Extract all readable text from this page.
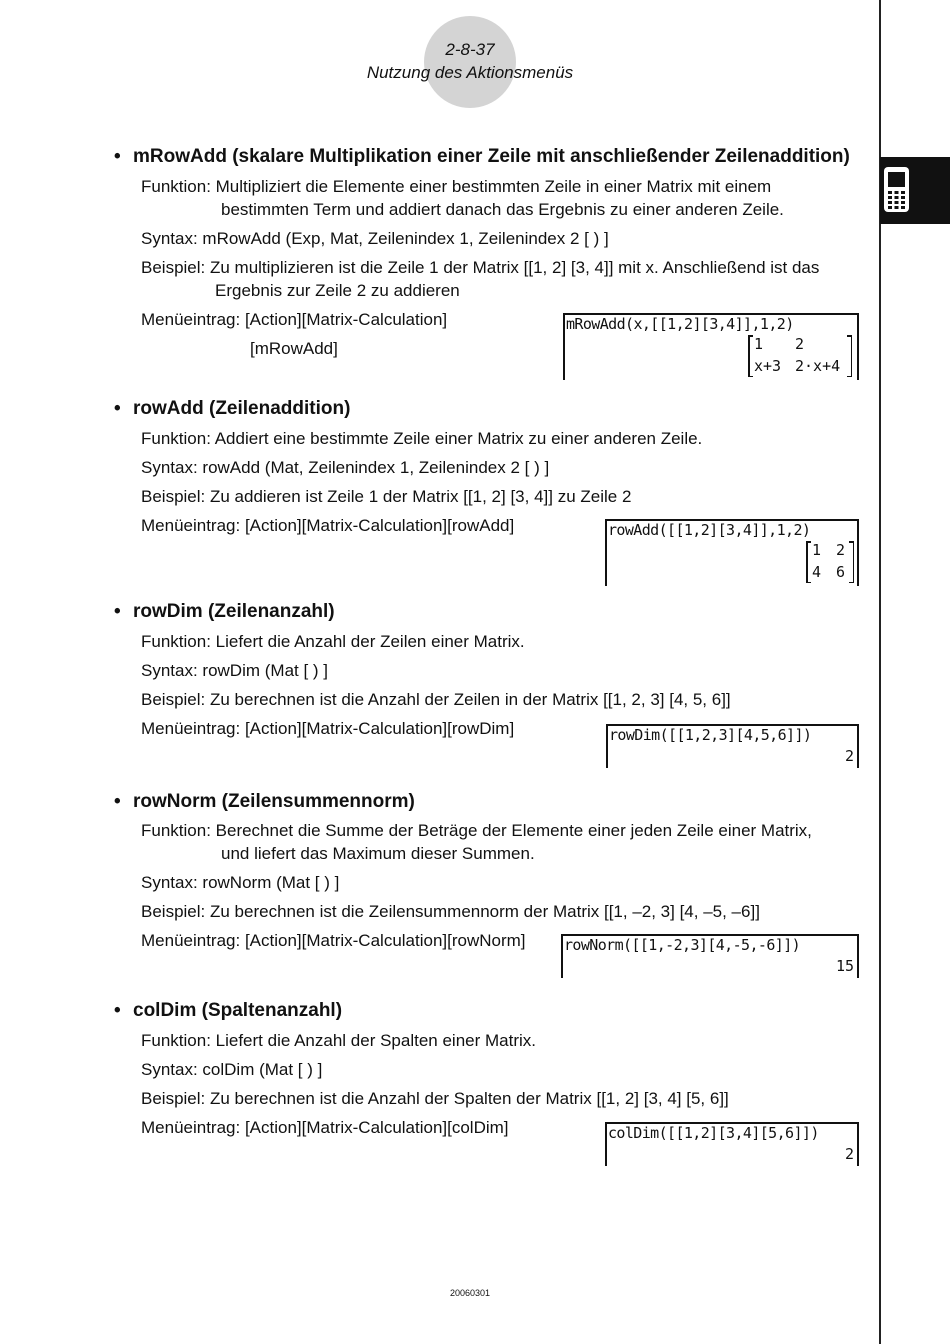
2-8-37
Nutzung des Aktionsmenüs
• mRowAdd (skalare Multiplikation einer Zeile mit anschließender Zeilenaddition)
Funktion: Multipliziert die Elemente einer bestimmten Zeile in einer Matrix mit einem
bestimmten Term und addiert danach das Ergebnis zu einer anderen Zeile.
Syntax: mRowAdd (Exp, Mat, Zeilenindex 1, Zeilenindex 2 [ ) ]
Beispiel: Zu multiplizieren ist die Zeile 1 der Matrix [[1, 2] [3, 4]] mit x. Anschließend ist das
Ergebnis zur Zeile 2 zu addieren
Menüeintrag: [Action][Matrix-Calculation]
[mRowAdd]
mRowAdd(x,[[1,2][3,4]],1,2)
1 2
x+3 2·x+4
• rowAdd (Zeilenaddition)
Funktion: Addiert eine bestimmte Zeile einer Matrix zu einer anderen Zeile.
Syntax: rowAdd (Mat, Zeilenindex 1, Zeilenindex 2 [ ) ]
Beispiel: Zu addieren ist Zeile 1 der Matrix [[1, 2] [3, 4]] zu Zeile 2
Menüeintrag: [Action][Matrix-Calculation][rowAdd]	rowAdd([[1,2][3,4]],1,2)
1 2
4 6
• rowDim (Zeilenanzahl)
Funktion: Liefert die Anzahl der Zeilen einer Matrix.
Syntax: rowDim (Mat [ ) ]
Beispiel: Zu berechnen ist die Anzahl der Zeilen in der Matrix [[1, 2, 3] [4, 5, 6]]
Menüeintrag: [Action][Matrix-Calculation][rowDim]	rowDim([[1,2,3][4,5,6]])
2
• rowNorm (Zeilensummennorm)
Funktion: Berechnet die Summe der Beträge der Elemente einer jeden Zeile einer Matrix,
und liefert das Maximum dieser Summen.
Syntax: rowNorm (Mat [ ) ]
Beispiel: Zu berechnen ist die Zeilensummennorm der Matrix [[1, –2, 3] [4, –5, –6]]
Menüeintrag: [Action][Matrix-Calculation][rowNorm]	rowNorm([[1,-2,3][4,-5,-6]])
15
• colDim (Spaltenanzahl)
Funktion: Liefert die Anzahl der Spalten einer Matrix.
Syntax: colDim (Mat [ ) ]
Beispiel: Zu berechnen ist die Anzahl der Spalten der Matrix [[1, 2] [3, 4] [5, 6]]
Menüeintrag: [Action][Matrix-Calculation][colDim]	colDim([[1,2][3,4][5,6]])
2
20060301
